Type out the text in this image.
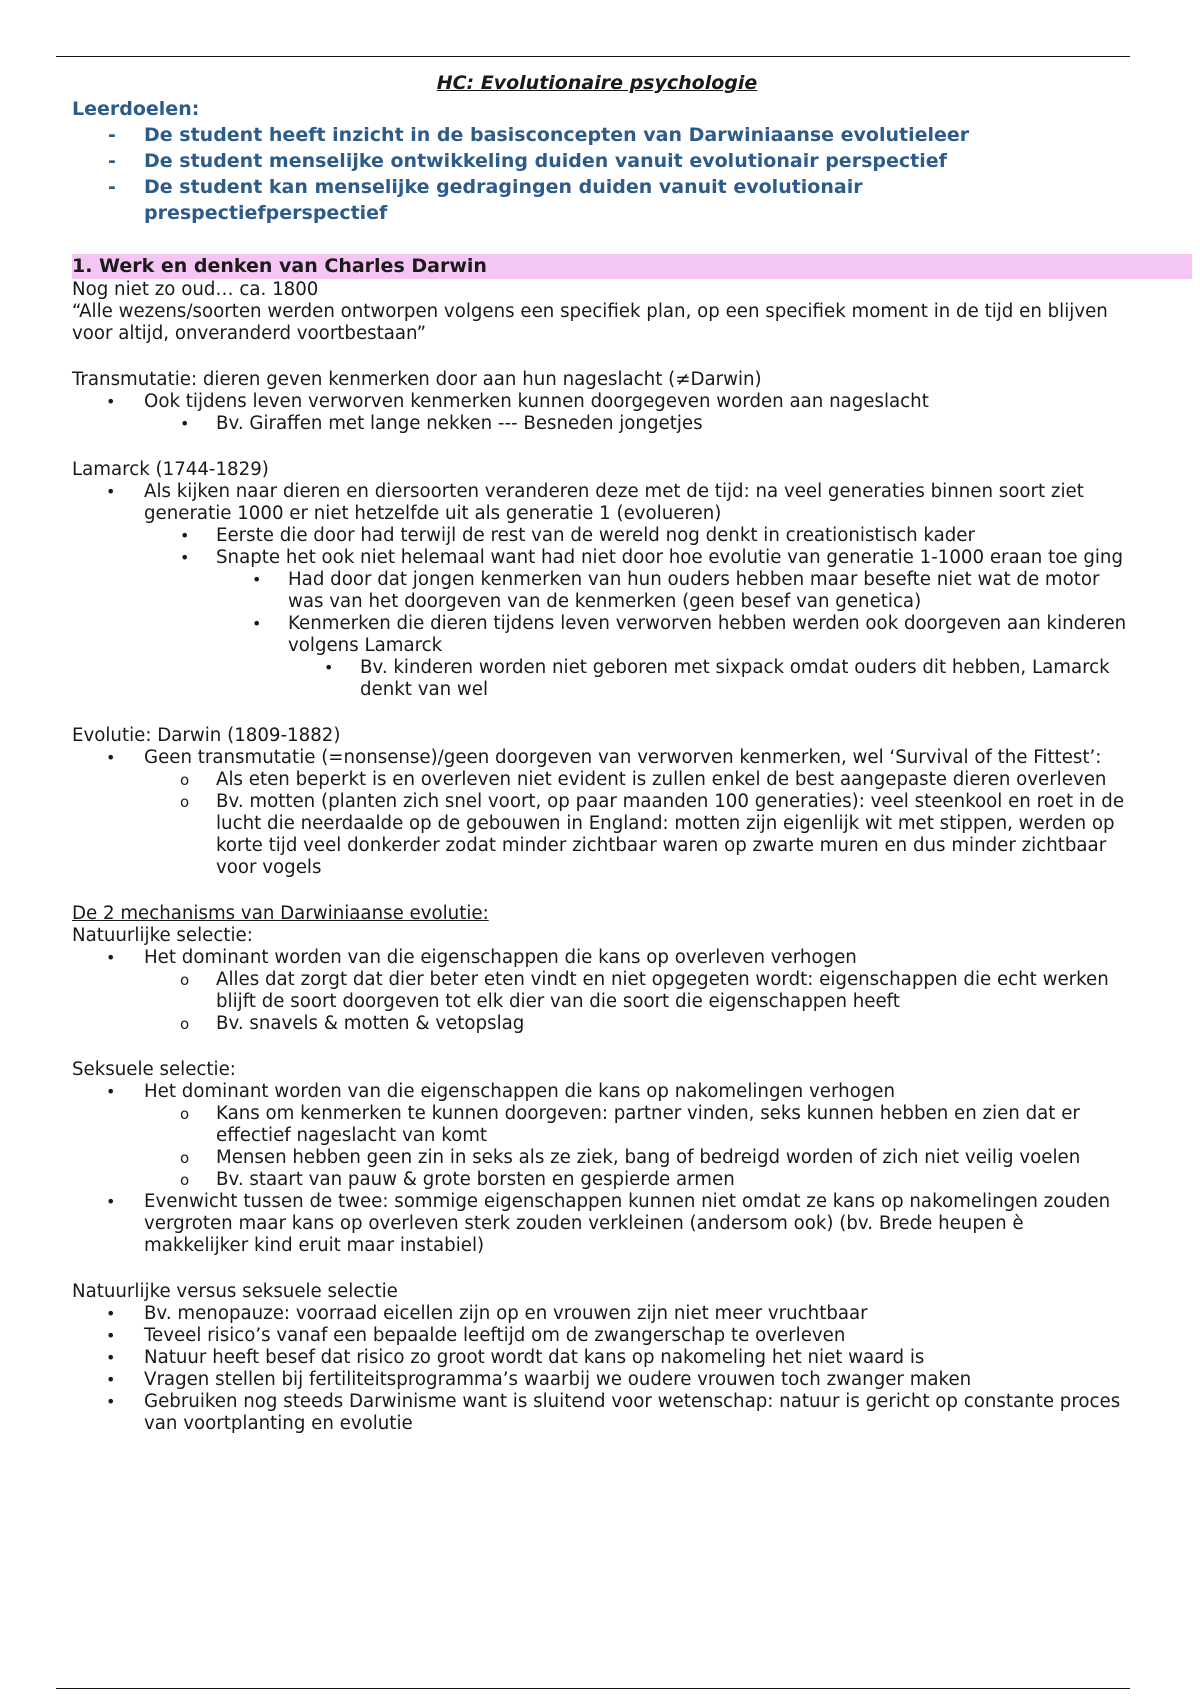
HC: Evolutionaire psychologie
Leerdoelen:
- De student heeft inzicht in de basisconcepten van Darwiniaanse evolutieleer
- De student menselijke ontwikkeling duiden vanuit evolutionair perspectief
- De student kan menselijke gedragingen duiden vanuit evolutionair prespectiefperspectief
1. Werk en denken van Charles Darwin
Nog niet zo oud… ca. 1800
“Alle wezens/soorten werden ontworpen volgens een specifiek plan, op een specifiek moment in de tijd en blijven voor altijd, onveranderd voortbestaan”
Transmutatie: dieren geven kenmerken door aan hun nageslacht (≠Darwin)
• Ook tijdens leven verworven kenmerken kunnen doorgegeven worden aan nageslacht
• Bv. Giraffen met lange nekken --- Besneden jongetjes
Lamarck (1744-1829)
• Als kijken naar dieren en diersoorten veranderen deze met de tijd: na veel generaties binnen soort ziet generatie 1000 er niet hetzelfde uit als generatie 1 (evolueren)
• Eerste die door had terwijl de rest van de wereld nog denkt in creationistisch kader
• Snapte het ook niet helemaal want had niet door hoe evolutie van generatie 1-1000 eraan toe ging
• Had door dat jongen kenmerken van hun ouders hebben maar besefte niet wat de motor was van het doorgeven van de kenmerken (geen besef van genetica)
• Kenmerken die dieren tijdens leven verworven hebben werden ook doorgeven aan kinderen volgens Lamarck
• Bv. kinderen worden niet geboren met sixpack omdat ouders dit hebben, Lamarck denkt van wel
Evolutie: Darwin (1809-1882)
• Geen transmutatie (=nonsense)/geen doorgeven van verworven kenmerken, wel ‘Survival of the Fittest’:
o Als eten beperkt is en overleven niet evident is zullen enkel de best aangepaste dieren overleven
o Bv. motten (planten zich snel voort, op paar maanden 100 generaties): veel steenkool en roet in de lucht die neerdaalde op de gebouwen in England: motten zijn eigenlijk wit met stippen, werden op korte tijd veel donkerder zodat minder zichtbaar waren op zwarte muren en dus minder zichtbaar voor vogels
De 2 mechanisms van Darwiniaanse evolutie:
Natuurlijke selectie:
• Het dominant worden van die eigenschappen die kans op overleven verhogen
o Alles dat zorgt dat dier beter eten vindt en niet opgegeten wordt: eigenschappen die echt werken blijft de soort doorgeven tot elk dier van die soort die eigenschappen heeft
o Bv. snavels & motten & vetopslag
Seksuele selectie:
• Het dominant worden van die eigenschappen die kans op nakomelingen verhogen
o Kans om kenmerken te kunnen doorgeven: partner vinden, seks kunnen hebben en zien dat er effectief nageslacht van komt
o Mensen hebben geen zin in seks als ze ziek, bang of bedreigd worden of zich niet veilig voelen
o Bv. staart van pauw & grote borsten en gespierde armen
• Evenwicht tussen de twee: sommige eigenschappen kunnen niet omdat ze kans op nakomelingen zouden vergroten maar kans op overleven sterk zouden verkleinen (andersom ook) (bv. Brede heupen è makkelijker kind eruit maar instabiel)
Natuurlijke versus seksuele selectie
• Bv. menopauze: voorraad eicellen zijn op en vrouwen zijn niet meer vruchtbaar
• Teveel risico’s vanaf een bepaalde leeftijd om de zwangerschap te overleven
• Natuur heeft besef dat risico zo groot wordt dat kans op nakomeling het niet waard is
• Vragen stellen bij fertiliteitsprogramma’s waarbij we oudere vrouwen toch zwanger maken
• Gebruiken nog steeds Darwinisme want is sluitend voor wetenschap: natuur is gericht op constante proces van voortplanting en evolutie
